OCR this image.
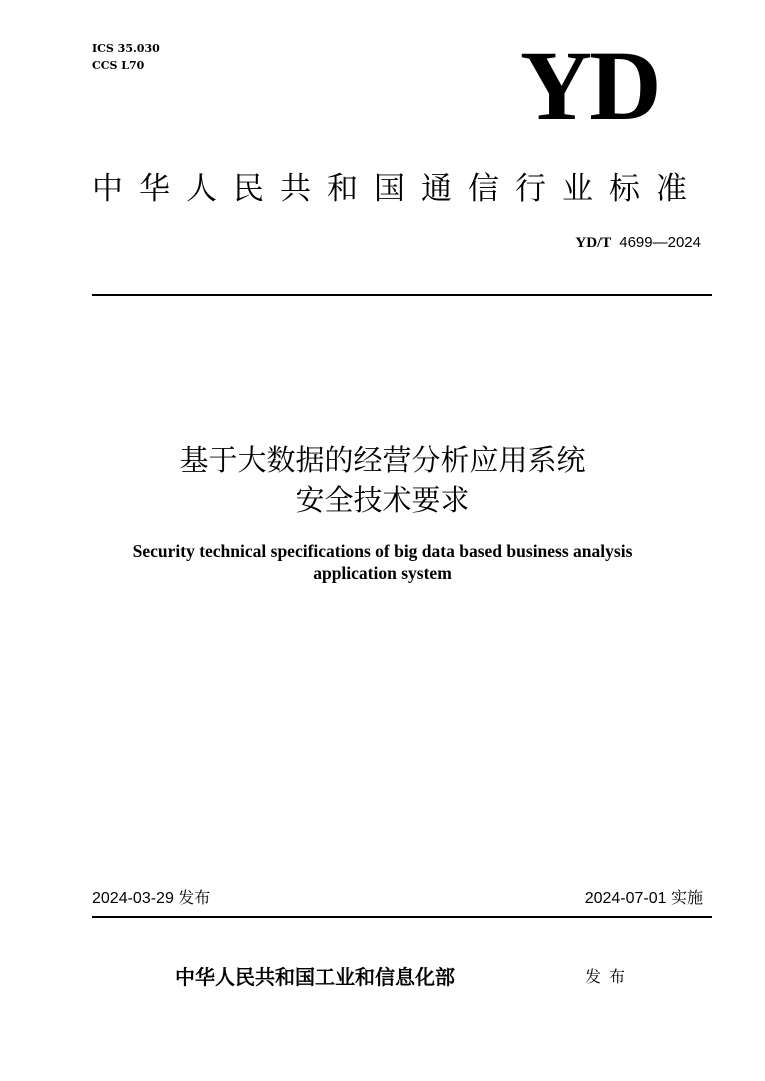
ICS 35.030
CCS L70	YD
中华人民共和国通信行业标准
YD/T 4699—2024
基于大数据的经营分析应用系统
安全技术要求
Security technical specifications of big data based business analysis
application system
2024-03-29 发布	2024-07-01 实施
中华人民共和国工业和信息化部	发布
